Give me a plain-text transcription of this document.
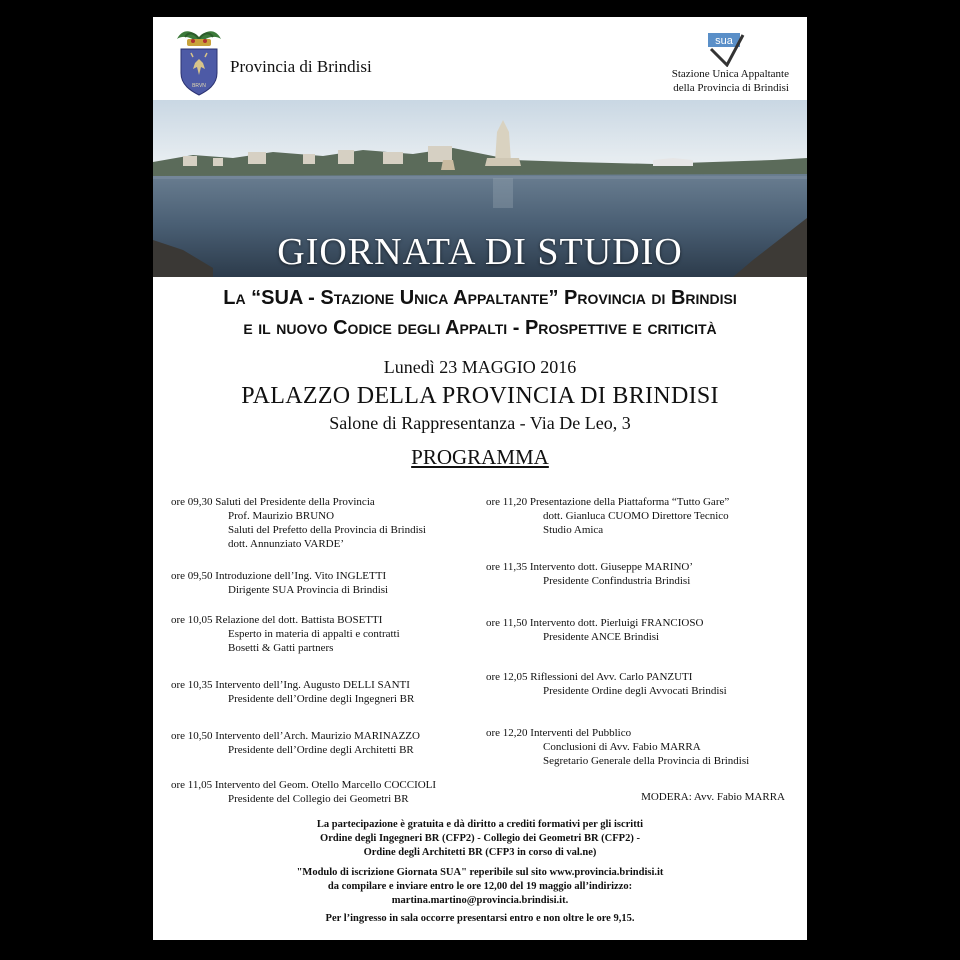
BRVN
Provincia di Brindisi
sua
Stazione Unica Appaltante
della Provincia di Brindisi
GIORNATA DI STUDIO
La “SUA - Stazione Unica Appaltante” Provincia di Brindisi
e il nuovo Codice degli Appalti - Prospettive e criticità
Lunedì 23 MAGGIO 2016
PALAZZO DELLA PROVINCIA DI BRINDISI
Salone di Rappresentanza - Via De Leo, 3
PROGRAMMA
ore 09,30 Saluti del Presidente della Provincia
Prof. Maurizio BRUNO
Saluti del Prefetto della Provincia di Brindisi
dott. Annunziato VARDE’
ore 09,50 Introduzione dell’Ing. Vito INGLETTI
Dirigente SUA Provincia di Brindisi
ore 10,05 Relazione del dott. Battista BOSETTI
Esperto in materia di appalti e contratti
Bosetti & Gatti partners
ore 10,35 Intervento dell’Ing. Augusto DELLI SANTI
Presidente dell’Ordine degli Ingegneri BR
ore 10,50 Intervento dell’Arch. Maurizio MARINAZZO
Presidente dell’Ordine degli Architetti BR
ore 11,05 Intervento del Geom. Otello Marcello COCCIOLI
Presidente del Collegio dei Geometri BR
ore 11,20 Presentazione della Piattaforma “Tutto Gare”
dott. Gianluca CUOMO Direttore Tecnico
Studio Amica
ore 11,35 Intervento dott. Giuseppe MARINO’
Presidente Confindustria Brindisi
ore 11,50 Intervento dott. Pierluigi FRANCIOSO
Presidente ANCE Brindisi
ore 12,05 Riflessioni del Avv. Carlo PANZUTI
Presidente Ordine degli Avvocati Brindisi
ore 12,20 Interventi del Pubblico
Conclusioni di Avv. Fabio MARRA
Segretario Generale della Provincia di Brindisi
MODERA: Avv. Fabio MARRA
La partecipazione è gratuita e dà diritto a crediti formativi per gli iscritti
Ordine degli Ingegneri BR (CFP2) - Collegio dei Geometri BR (CFP2) -
Ordine degli Architetti BR (CFP3 in corso di val.ne)
"Modulo di iscrizione Giornata SUA" reperibile sul sito www.provincia.brindisi.it
da compilare e inviare entro le ore 12,00 del 19 maggio all’indirizzo:
martina.martino@provincia.brindisi.it.
Per l’ingresso in sala occorre presentarsi entro e non oltre le ore 9,15.
